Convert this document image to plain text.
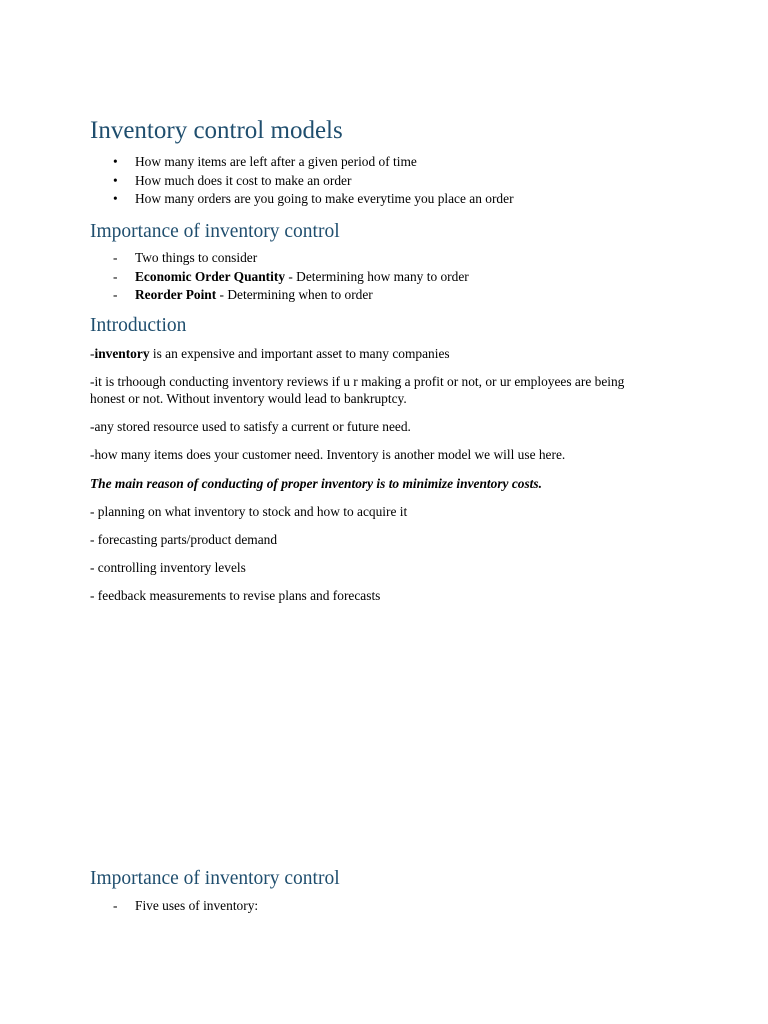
Inventory control models
•	How many items are left after a given period of time
•	How much does it cost to make an order
•	How many orders are you going to make everytime you place an order
Importance of inventory control
-	Two things to consider
-	Economic Order Quantity - Determining how many to order
-	Reorder Point - Determining when to order
Introduction

-inventory is an expensive and important asset to many companies

-it is trhoough conducting inventory reviews if u r making a profit or not, or ur employees are being honest or not. Without inventory would lead to bankruptcy.

-any stored resource used to satisfy a current or future need.

-how many items does your customer need. Inventory is another model we will use here.

The main reason of conducting of proper inventory is to minimize inventory costs.

- planning on what inventory to stock and how to acquire it

- forecasting parts/product demand

- controlling inventory levels

- feedback measurements to revise plans and forecasts

Importance of inventory control
-	Five uses of inventory:
